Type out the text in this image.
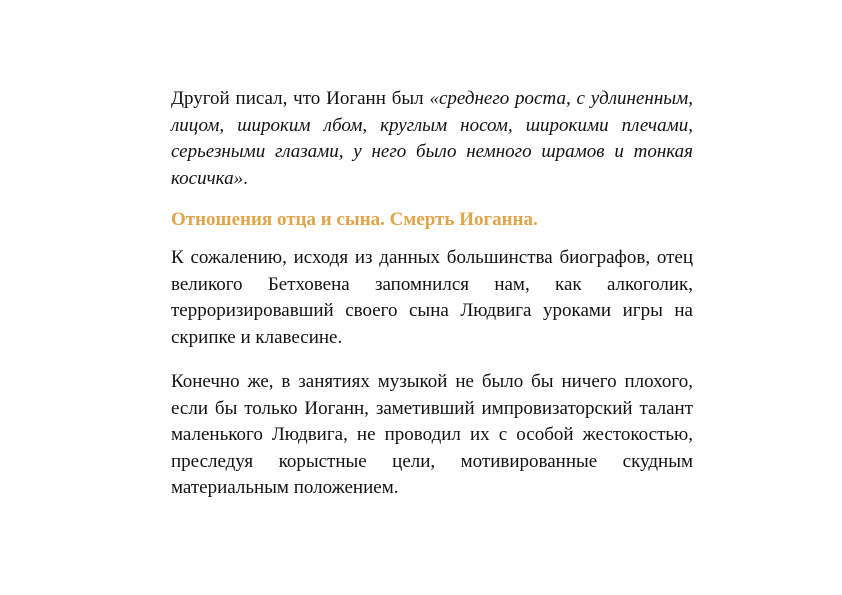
Другой писал, что Иоганн был «среднего роста, с удлиненным, лицом, широким лбом, круглым носом, широкими плечами, серьезными глазами, у него было немного шрамов и тонкая косичка».

Отношения отца и сына. Смерть Иоганна.

К сожалению, исходя из данных большинства биографов, отец великого Бетховена запомнился нам, как алкоголик, терроризировавший своего сына Людвига уроками игры на скрипке и клавесине.

Конечно же, в занятиях музыкой не было бы ничего плохого, если бы только Иоганн, заметивший импровизаторский талант маленького Людвига, не проводил их с особой жестокостью, преследуя корыстные цели, мотивированные скудным материальным положением.
